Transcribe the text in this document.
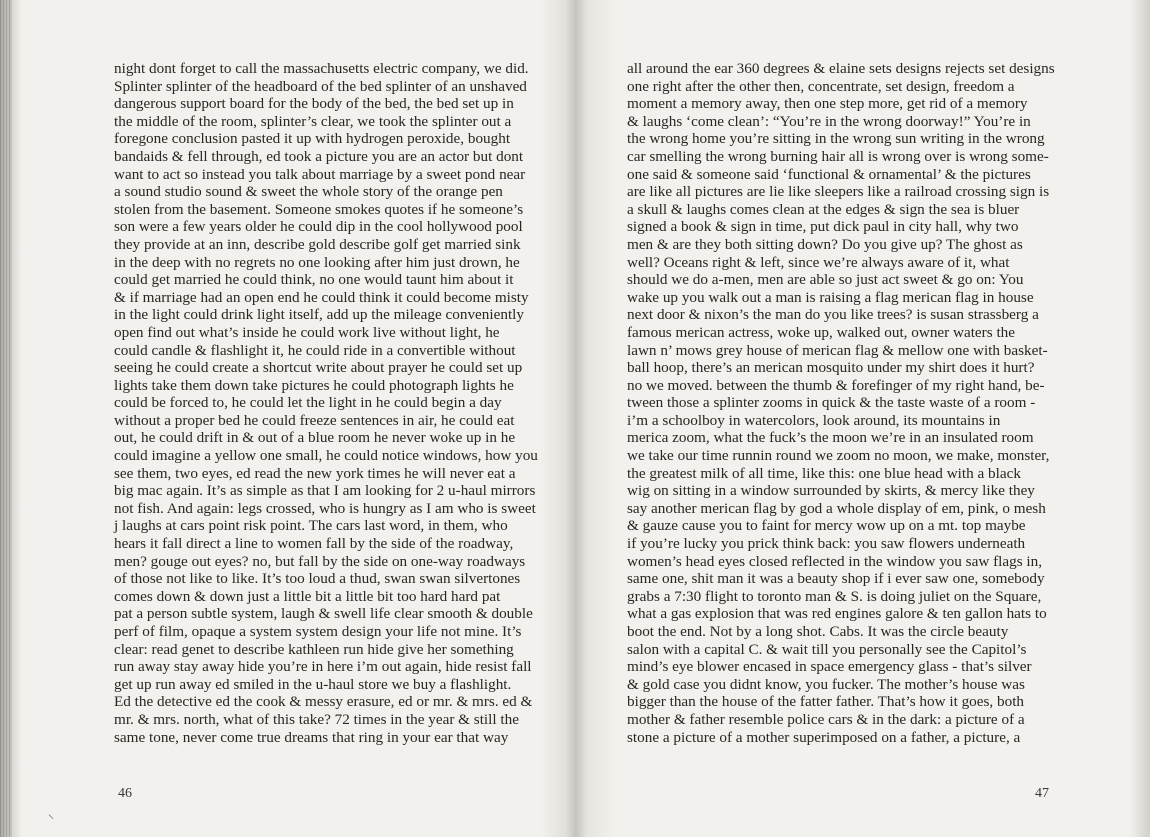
night dont forget to call the massachusetts electric company, we did.
Splinter splinter of the headboard of the bed splinter of an unshaved
dangerous support board for the body of the bed, the bed set up in
the middle of the room, splinter’s clear, we took the splinter out a
foregone conclusion pasted it up with hydrogen peroxide, bought
bandaids & fell through, ed took a picture you are an actor but dont
want to act so instead you talk about marriage by a sweet pond near
a sound studio sound & sweet the whole story of the orange pen
stolen from the basement. Someone smokes quotes if he someone’s
son were a few years older he could dip in the cool hollywood pool
they provide at an inn, describe gold describe golf get married sink
in the deep with no regrets no one looking after him just drown, he
could get married he could think, no one would taunt him about it
& if marriage had an open end he could think it could become misty
in the light could drink light itself, add up the mileage conveniently
open find out what’s inside he could work live without light, he
could candle & flashlight it, he could ride in a convertible without
seeing he could create a shortcut write about prayer he could set up
lights take them down take pictures he could photograph lights he
could be forced to, he could let the light in he could begin a day
without a proper bed he could freeze sentences in air, he could eat
out, he could drift in & out of a blue room he never woke up in he
could imagine a yellow one small, he could notice windows, how you
see them, two eyes, ed read the new york times he will never eat a
big mac again. It’s as simple as that I am looking for 2 u-haul mirrors
not fish. And again: legs crossed, who is hungry as I am who is sweet
j laughs at cars point risk point. The cars last word, in them, who
hears it fall direct a line to women fall by the side of the roadway,
men? gouge out eyes? no, but fall by the side on one-way roadways
of those not like to like. It’s too loud a thud, swan swan silvertones
comes down & down just a little bit a little bit too hard hard pat
pat a person subtle system, laugh & swell life clear smooth & double
perf of film, opaque a system system design your life not mine. It’s
clear: read genet to describe kathleen run hide give her something
run away stay away hide you’re in here i’m out again, hide resist fall
get up run away ed smiled in the u-haul store we buy a flashlight.
Ed the detective ed the cook & messy erasure, ed or mr. & mrs. ed &
mr. & mrs. north, what of this take? 72 times in the year & still the
same tone, never come true dreams that ring in your ear that way

46
⸌

all around the ear 360 degrees & elaine sets designs rejects set designs
one right after the other then, concentrate, set design, freedom a
moment a memory away, then one step more, get rid of a memory
& laughs ‘come clean’: “You’re in the wrong doorway!” You’re in
the wrong home you’re sitting in the wrong sun writing in the wrong
car smelling the wrong burning hair all is wrong over is wrong some-
one said & someone said ‘functional & ornamental’ & the pictures
are like all pictures are lie like sleepers like a railroad crossing sign is
a skull & laughs comes clean at the edges & sign the sea is bluer
signed a book & sign in time, put dick paul in city hall, why two
men & are they both sitting down? Do you give up? The ghost as
well? Oceans right & left, since we’re always aware of it, what
should we do a-men, men are able so just act sweet & go on: You
wake up you walk out a man is raising a flag merican flag in house
next door & nixon’s the man do you like trees? is susan strassberg a
famous merican actress, woke up, walked out, owner waters the
lawn n’ mows grey house of merican flag & mellow one with basket-
ball hoop, there’s an merican mosquito under my shirt does it hurt?
no we moved. between the thumb & forefinger of my right hand, be-
tween those a splinter zooms in quick & the taste waste of a room -
i’m a schoolboy in watercolors, look around, its mountains in
merica zoom, what the fuck’s the moon we’re in an insulated room
we take our time runnin round we zoom no moon, we make, monster,
the greatest milk of all time, like this: one blue head with a black
wig on sitting in a window surrounded by skirts, & mercy like they
say another merican flag by god a whole display of em, pink, o mesh
& gauze cause you to faint for mercy wow up on a mt. top maybe
if you’re lucky you prick think back: you saw flowers underneath
women’s head eyes closed reflected in the window you saw flags in,
same one, shit man it was a beauty shop if i ever saw one, somebody
grabs a 7:30 flight to toronto man & S. is doing juliet on the Square,
what a gas explosion that was red engines galore & ten gallon hats to
boot the end. Not by a long shot. Cabs. It was the circle beauty
salon with a capital C. & wait till you personally see the Capitol’s
mind’s eye blower encased in space emergency glass - that’s silver
& gold case you didnt know, you fucker. The mother’s house was
bigger than the house of the fatter father. That’s how it goes, both
mother & father resemble police cars & in the dark: a picture of a
stone a picture of a mother superimposed on a father, a picture, a

47
